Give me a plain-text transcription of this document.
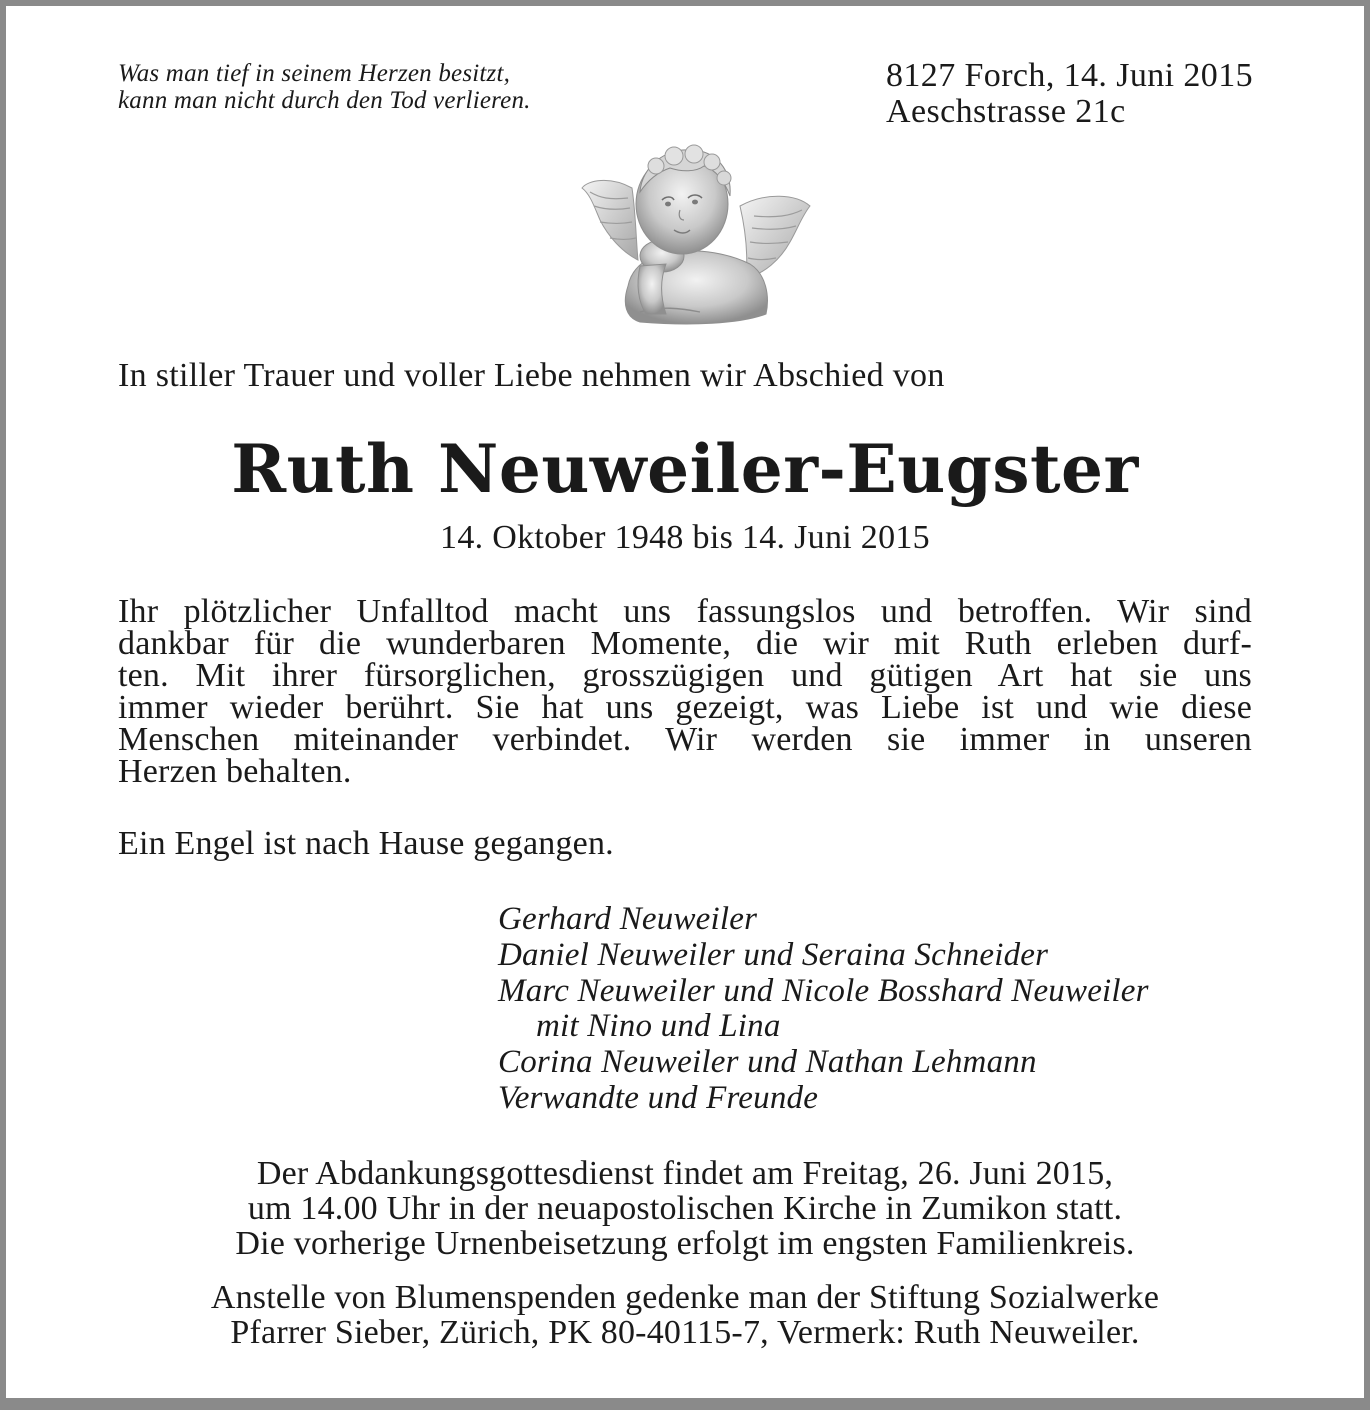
Was man tief in seinem Herzen besitzt,
kann man nicht durch den Tod verlieren.
8127 Forch, 14. Juni 2015
Aeschstrasse 21c
In stiller Trauer und voller Liebe nehmen wir Abschied von
Ruth Neuweiler-Eugster
14. Oktober 1948 bis 14. Juni 2015
Ihr plötzlicher Unfalltod macht uns fassungslos und betroffen. Wir sind
dankbar für die wunderbaren Momente, die wir mit Ruth erleben durf-
ten. Mit ihrer fürsorglichen, grosszügigen und gütigen Art hat sie uns
immer wieder berührt. Sie hat uns gezeigt, was Liebe ist und wie diese
Menschen miteinander verbindet. Wir werden sie immer in unseren
Herzen behalten.
Ein Engel ist nach Hause gegangen.
Gerhard Neuweiler
Daniel Neuweiler und Seraina Schneider
Marc Neuweiler und Nicole Bosshard Neuweiler
mit Nino und Lina
Corina Neuweiler und Nathan Lehmann
Verwandte und Freunde
Der Abdankungsgottesdienst findet am Freitag, 26. Juni 2015,
um 14.00 Uhr in der neuapostolischen Kirche in Zumikon statt.
Die vorherige Urnenbeisetzung erfolgt im engsten Familienkreis.
Anstelle von Blumenspenden gedenke man der Stiftung Sozialwerke
Pfarrer Sieber, Zürich, PK 80-40115-7, Vermerk: Ruth Neuweiler.
